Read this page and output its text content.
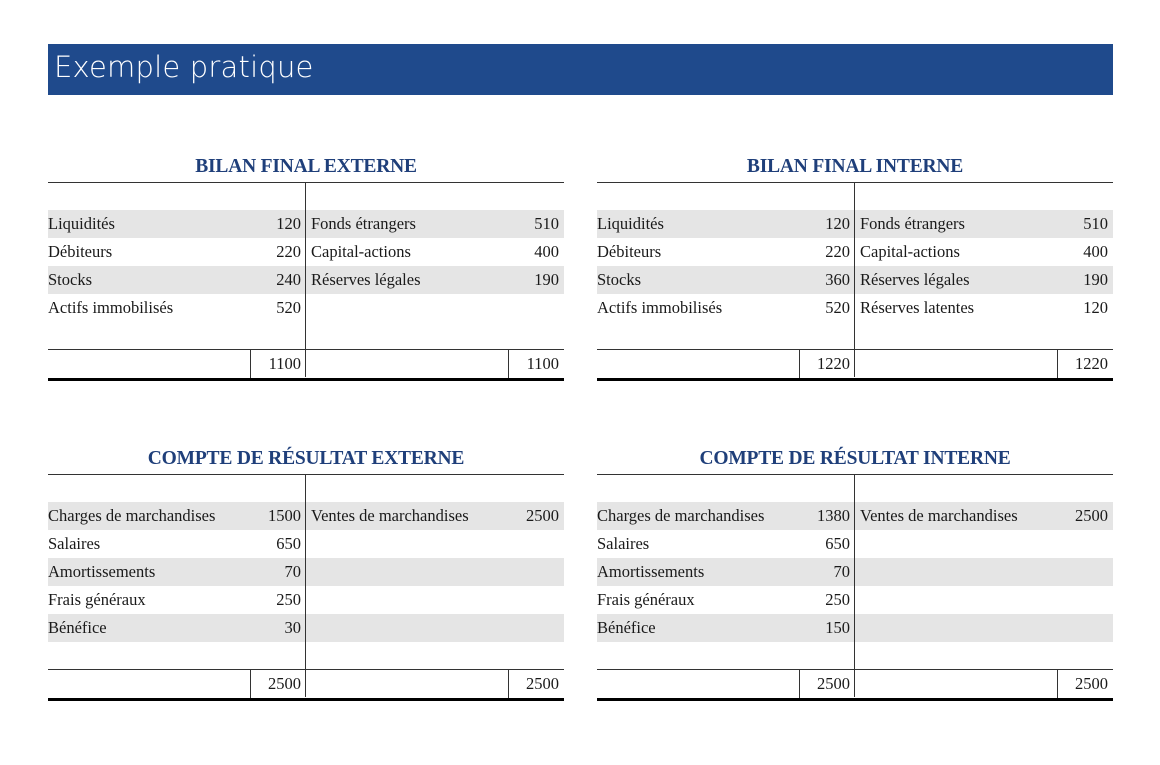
Exemple pratique
BILAN FINAL EXTERNE
Liquidités	120 Fonds étrangers	510
Débiteurs	220 Capital-actions	400
Stocks	240 Réserves légales	190
Actifs immobilisés	520
1100	1100
BILAN FINAL INTERNE
Liquidités	120 Fonds étrangers	510
Débiteurs	220 Capital-actions	400
Stocks	360 Réserves légales	190
Actifs immobilisés	520 Réserves latentes	120
1220	1220
COMPTE DE RÉSULTAT EXTERNE
Charges de marchandises	1500 Ventes de marchandises	2500
Salaires	650
Amortissements	70
Frais généraux	250
Bénéfice	30
2500	2500
COMPTE DE RÉSULTAT INTERNE
Charges de marchandises	1380 Ventes de marchandises	2500
Salaires	650
Amortissements	70
Frais généraux	250
Bénéfice	150
2500	2500
